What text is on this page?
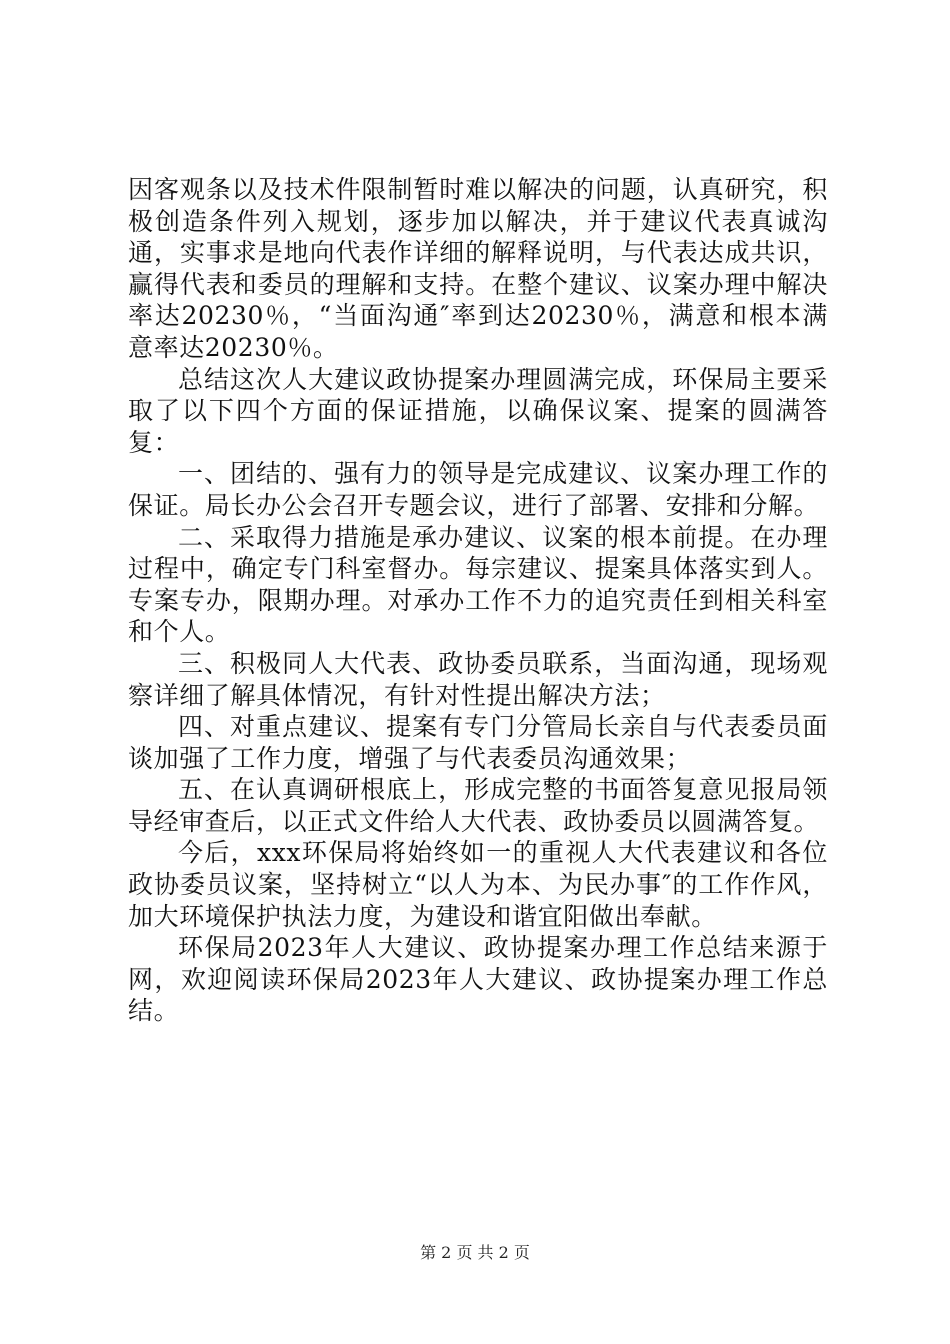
因客观条以及技术件限制暂时难以解决的问题，认真研究，积极创造条件列入规划，逐步加以解决，并于建议代表真诚沟通，实事求是地向代表作详细的解释说明，与代表达成共识，赢得代表和委员的理解和支持。在整个建议、议案办理中解决率达20230％，“当面沟通″率到达20230％，满意和根本满意率达20230％。

总结这次人大建议政协提案办理圆满完成，环保局主要采取了以下四个方面的保证措施，以确保议案、提案的圆满答复：

一、团结的、强有力的领导是完成建议、议案办理工作的保证。局长办公会召开专题会议，进行了部署、安排和分解。

二、采取得力措施是承办建议、议案的根本前提。在办理过程中，确定专门科室督办。每宗建议、提案具体落实到人。专案专办，限期办理。对承办工作不力的追究责任到相关科室和个人。

三、积极同人大代表、政协委员联系，当面沟通，现场观察详细了解具体情况，有针对性提出解决方法；

四、对重点建议、提案有专门分管局长亲自与代表委员面谈加强了工作力度，增强了与代表委员沟通效果；

五、在认真调研根底上，形成完整的书面答复意见报局领导经审查后，以正式文件给人大代表、政协委员以圆满答复。

今后，xxx环保局将始终如一的重视人大代表建议和各位政协委员议案，坚持树立“以人为本、为民办事″的工作作风，加大环境保护执法力度，为建设和谐宜阳做出奉献。

环保局2023年人大建议、政协提案办理工作总结来源于网，欢迎阅读环保局2023年人大建议、政协提案办理工作总结。

第 2 页 共 2 页
